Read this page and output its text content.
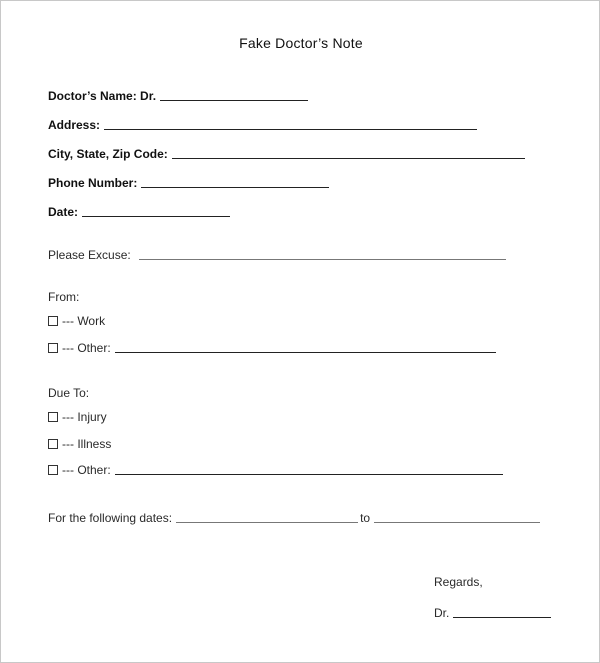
Fake Doctor’s Note
Doctor’s Name: Dr.
Address:
City, State, Zip Code:
Phone Number:
Date:
Please Excuse:
From:
--- Work
--- Other:
Due To:
--- Injury
--- Illness
--- Other:
For the following dates:	to
Regards,
Dr.
